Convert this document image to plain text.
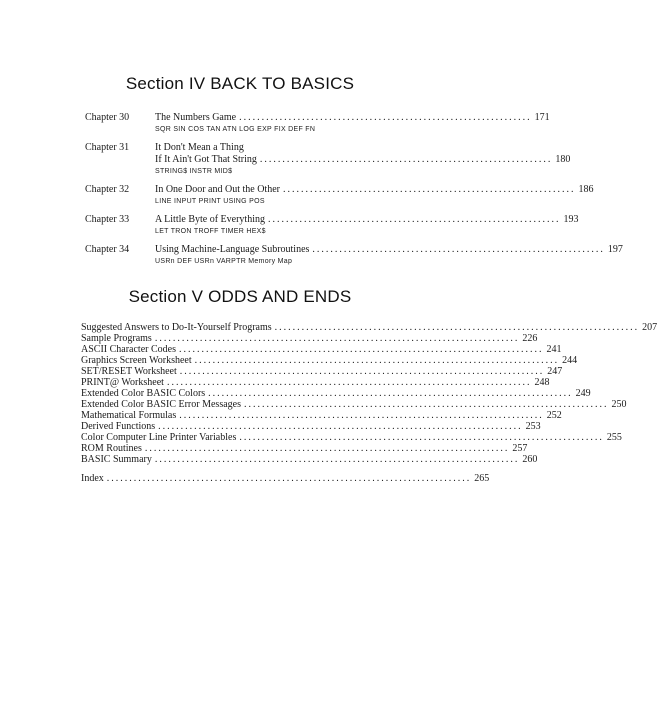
Section IV BACK TO BASICS
Chapter 30	The Numbers Game ................................................................. 171
SQR SIN COS TAN ATN LOG EXP FIX DEF FN
Chapter 31	It Don't Mean a Thing
If It Ain't Got That String ................................................................. 180
STRING$ INSTR MID$
Chapter 32	In One Door and Out the Other ................................................................. 186
LINE INPUT PRINT USING POS
Chapter 33	A Little Byte of Everything ................................................................. 193
LET TRON TROFF TIMER HEX$
Chapter 34	Using Machine-Language Subroutines ................................................................. 197
USRn DEF USRn VARPTR Memory Map
Section V ODDS AND ENDS
Suggested Answers to Do-It-Yourself Programs ................................................................................. 207
Sample Programs ................................................................................. 226
ASCII Character Codes ................................................................................. 241
Graphics Screen Worksheet ................................................................................. 244
SET/RESET Worksheet ................................................................................. 247
PRINT@ Worksheet ................................................................................. 248
Extended Color BASIC Colors ................................................................................. 249
Extended Color BASIC Error Messages ................................................................................. 250
Mathematical Formulas ................................................................................. 252
Derived Functions ................................................................................. 253
Color Computer Line Printer Variables ................................................................................. 255
ROM Routines ................................................................................. 257
BASIC Summary ................................................................................. 260
Index ................................................................................. 265
